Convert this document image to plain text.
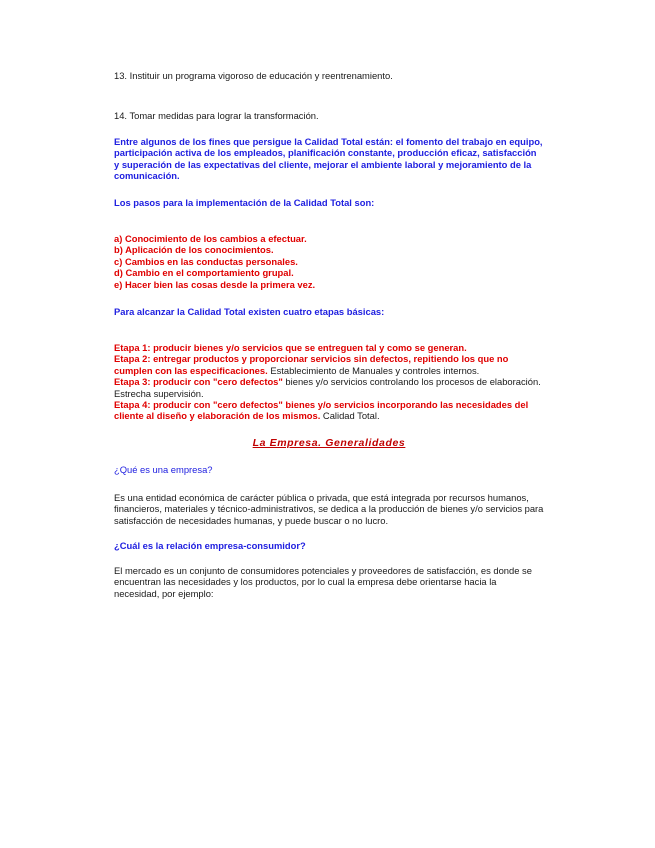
13. Instituir un programa vigoroso de educación y reentrenamiento.

14. Tomar medidas para lograr la transformación.

Entre algunos de los fines que persigue la Calidad Total están: el fomento del trabajo en equipo, participación activa de los empleados, planificación constante, producción eficaz, satisfacción y superación de las expectativas del cliente, mejorar el ambiente laboral y mejoramiento de la comunicación.

Los pasos para la implementación de la Calidad Total son:

a) Conocimiento de los cambios a efectuar.
b) Aplicación de los conocimientos.
c) Cambios en las conductas personales.
d) Cambio en el comportamiento grupal.
e) Hacer bien las cosas desde la primera vez.

Para alcanzar la Calidad Total existen cuatro etapas básicas:

Etapa 1: producir bienes y/o servicios que se entreguen tal y como se generan.
Etapa 2: entregar productos y proporcionar servicios sin defectos, repitiendo los que no cumplen con las especificaciones. Establecimiento de Manuales y controles internos.
Etapa 3: producir con "cero defectos" bienes y/o servicios controlando los procesos de elaboración. Estrecha supervisión.
Etapa 4: producir con "cero defectos" bienes y/o servicios incorporando las necesidades del cliente al diseño y elaboración de los mismos. Calidad Total.
La Empresa. Generalidades

¿Qué es una empresa?

Es una entidad económica de carácter pública o privada, que está integrada por recursos humanos, financieros, materiales y técnico-administrativos, se dedica a la producción de bienes y/o servicios para satisfacción de necesidades humanas, y puede buscar o no lucro.

¿Cuál es la relación empresa-consumidor?

El mercado es un conjunto de consumidores potenciales y proveedores de satisfacción, es donde se encuentran las necesidades y los productos, por lo cual la empresa debe orientarse hacia la necesidad, por ejemplo:
